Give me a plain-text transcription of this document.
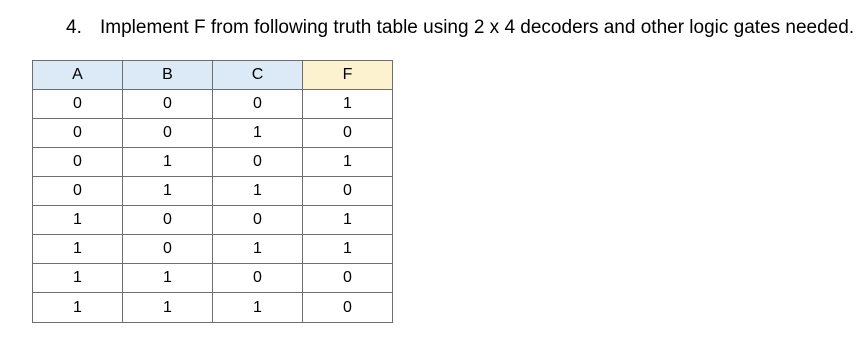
4. Implement F from following truth table using 2 x 4 decoders and other logic gates needed.
A	B	C	F
0	0	0	1
0	0	1	0
0	1	0	1
0	1	1	0
1	0	0	1
1	0	1	1
1	1	0	0
1	1	1	0
